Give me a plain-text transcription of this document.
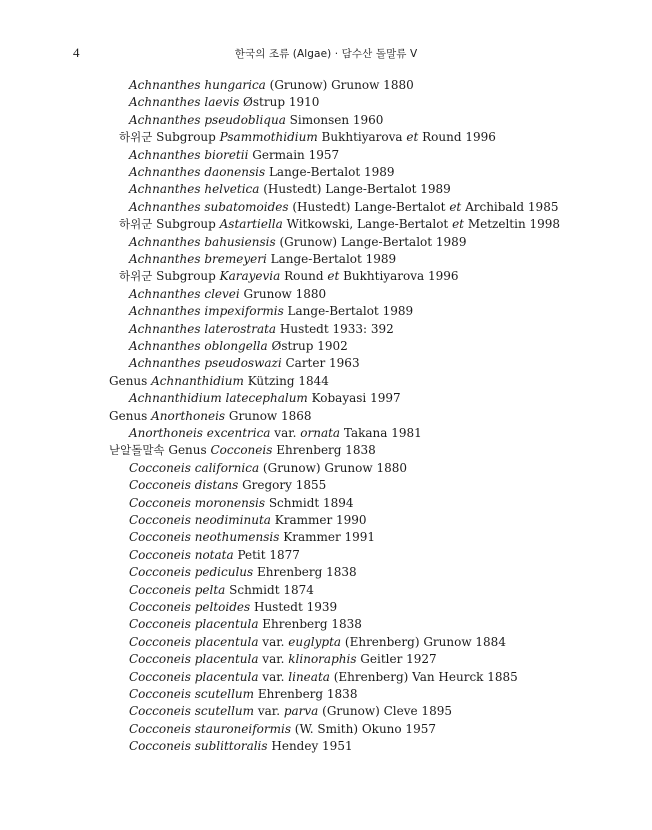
4	한국의 조류 (Algae) · 담수산 돌말류 V
Achnanthes hungarica (Grunow) Grunow 1880
Achnanthes laevis Østrup 1910
Achnanthes pseudobliqua Simonsen 1960
하위군 Subgroup Psammothidium Bukhtiyarova et Round 1996
Achnanthes bioretii Germain 1957
Achnanthes daonensis Lange-Bertalot 1989
Achnanthes helvetica (Hustedt) Lange-Bertalot 1989
Achnanthes subatomoides (Hustedt) Lange-Bertalot et Archibald 1985
하위군 Subgroup Astartiella Witkowski, Lange-Bertalot et Metzeltin 1998
Achnanthes bahusiensis (Grunow) Lange-Bertalot 1989
Achnanthes bremeyeri Lange-Bertalot 1989
하위군 Subgroup Karayevia Round et Bukhtiyarova 1996
Achnanthes clevei Grunow 1880
Achnanthes impexiformis Lange-Bertalot 1989
Achnanthes laterostrata Hustedt 1933: 392
Achnanthes oblongella Østrup 1902
Achnanthes pseudoswazi Carter 1963
Genus Achnanthidium Kützing 1844
Achnanthidium latecephalum Kobayasi 1997
Genus Anorthoneis Grunow 1868
Anorthoneis excentrica var. ornata Takana 1981
낟알돌말속 Genus Cocconeis Ehrenberg 1838
Cocconeis californica (Grunow) Grunow 1880
Cocconeis distans Gregory 1855
Cocconeis moronensis Schmidt 1894
Cocconeis neodiminuta Krammer 1990
Cocconeis neothumensis Krammer 1991
Cocconeis notata Petit 1877
Cocconeis pediculus Ehrenberg 1838
Cocconeis pelta Schmidt 1874
Cocconeis peltoides Hustedt 1939
Cocconeis placentula Ehrenberg 1838
Cocconeis placentula var. euglypta (Ehrenberg) Grunow 1884
Cocconeis placentula var. klinoraphis Geitler 1927
Cocconeis placentula var. lineata (Ehrenberg) Van Heurck 1885
Cocconeis scutellum Ehrenberg 1838
Cocconeis scutellum var. parva (Grunow) Cleve 1895
Cocconeis stauroneiformis (W. Smith) Okuno 1957
Cocconeis sublittoralis Hendey 1951
